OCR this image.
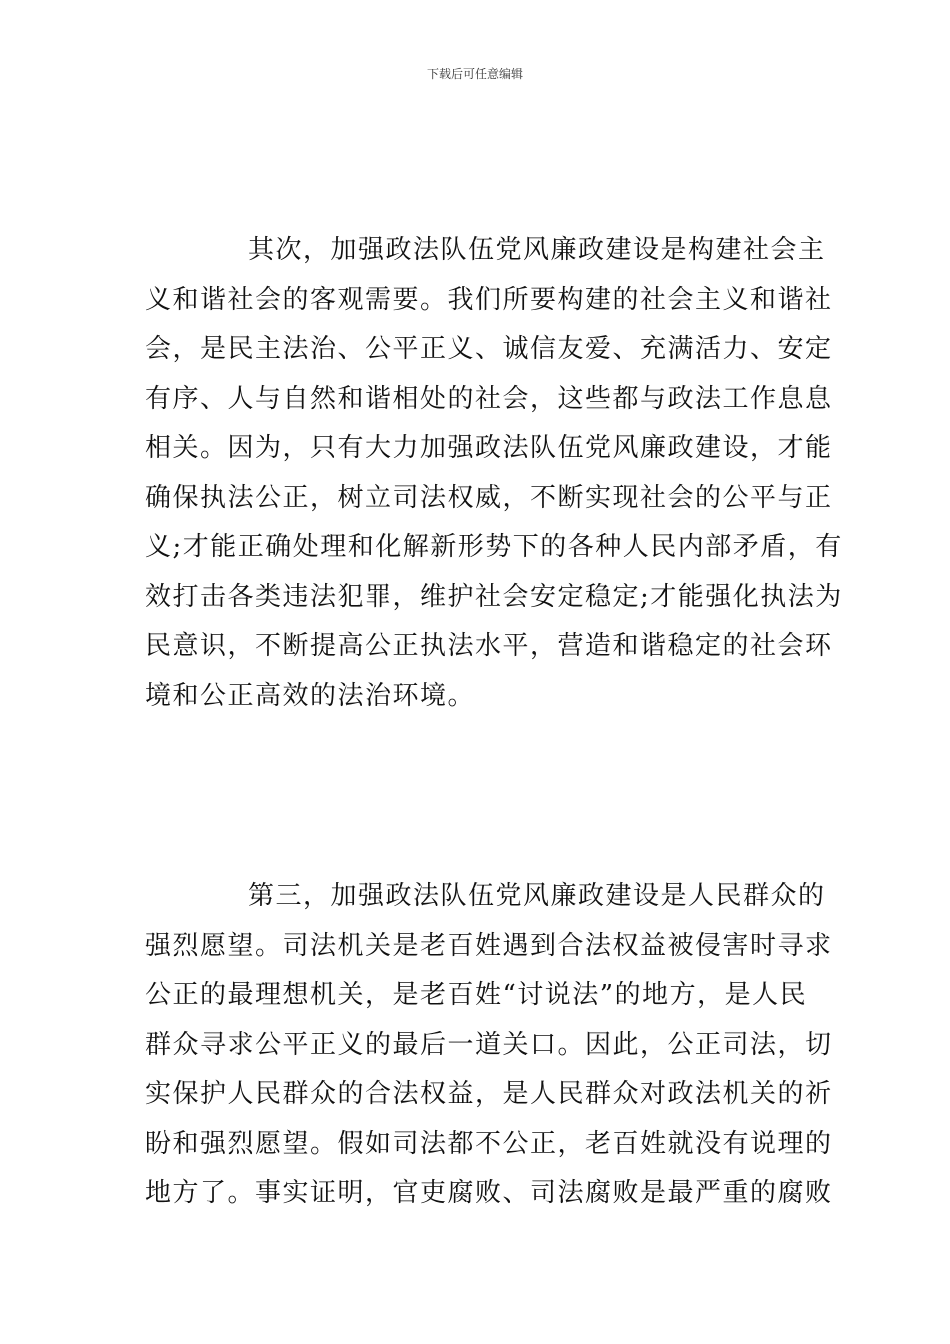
下载后可任意编辑
其次，加强政法队伍党风廉政建设是构建社会主
义和谐社会的客观需要。我们所要构建的社会主义和谐社
会，是民主法治、公平正义、诚信友爱、充满活力、安定
有序、人与自然和谐相处的社会，这些都与政法工作息息
相关。因为，只有大力加强政法队伍党风廉政建设，才能
确保执法公正，树立司法权威，不断实现社会的公平与正
义;才能正确处理和化解新形势下的各种人民内部矛盾，有
效打击各类违法犯罪，维护社会安定稳定;才能强化执法为
民意识，不断提高公正执法水平，营造和谐稳定的社会环
境和公正高效的法治环境。
第三，加强政法队伍党风廉政建设是人民群众的
强烈愿望。司法机关是老百姓遇到合法权益被侵害时寻求
公正的最理想机关，是老百姓“讨说法”的地方，是人民
群众寻求公平正义的最后一道关口。因此，公正司法，切
实保护人民群众的合法权益，是人民群众对政法机关的祈
盼和强烈愿望。假如司法都不公正，老百姓就没有说理的
地方了。事实证明，官吏腐败、司法腐败是最严重的腐败
